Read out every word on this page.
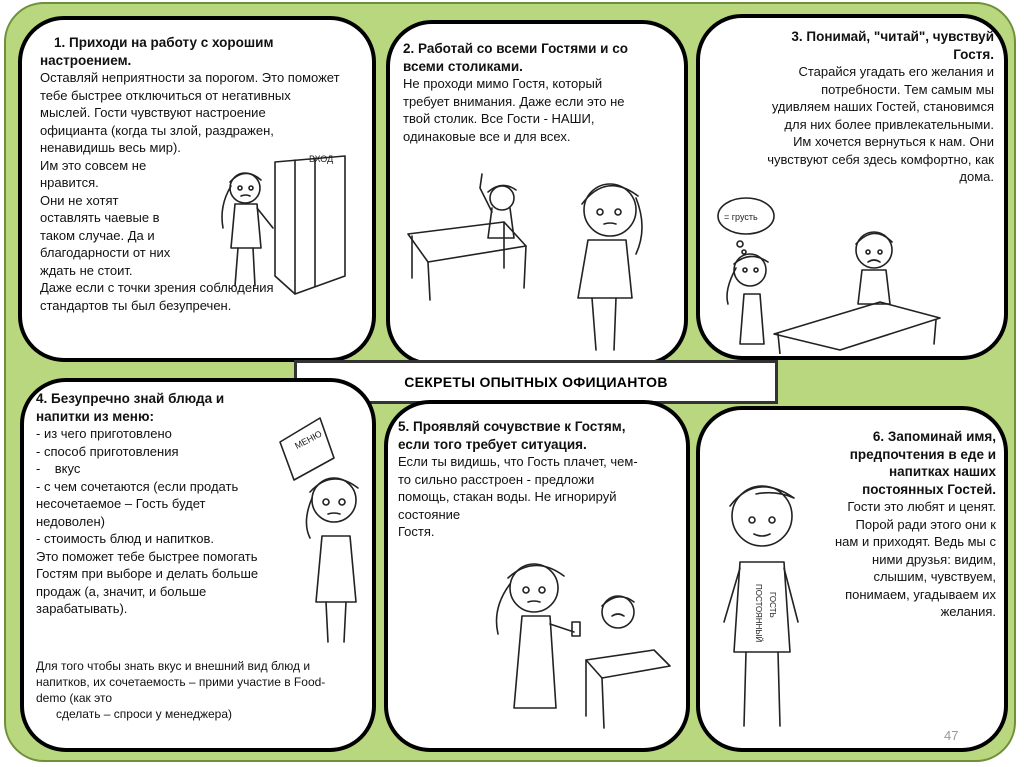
1. Приходи на работу с хорошим
настроением.
Оставляй неприятности за порогом. Это поможет
тебе быстрее отключиться от негативных
мыслей. Гости чувствуют настроение
официанта (когда ты злой, раздражен,
ненавидишь весь мир).
Им это совсем не
нравится.
Они не хотят
оставлять чаевые в
таком случае. Да и
благодарности от них
ждать не стоит.
Даже если с точки зрения соблюдения
стандартов ты был безупречен.
ВХОД
2. Работай со всеми Гостями и со
всеми столиками.
Не проходи мимо Гостя, который
требует внимания. Даже если это не
твой столик. Все Гости - НАШИ,
одинаковые все и для всех.
3. Понимай, "читай", чувствуй
Гостя.
Старайся угадать его желания и
потребности. Тем самым мы
удивляем наших Гостей, становимся
для них более привлекательными.
Им хочется вернуться к нам. Они
чувствуют себя здесь комфортно, как
дома.
= грусть
СЕКРЕТЫ ОПЫТНЫХ ОФИЦИАНТОВ
4. Безупречно знай блюда и
напитки из меню:
- из чего приготовлено
- способ приготовления
-    вкус
- с чем сочетаются (если продать
несочетаемое – Гость будет
недоволен)
- стоимость блюд и напитков.
Это поможет тебе быстрее помогать
Гостям при выборе и делать больше
продаж (а, значит, и больше
зарабатывать).
Для того чтобы знать вкус и внешний вид блюд и
напитков, их сочетаемость – прими участие в Food-
demo (как это
сделать – спроси у менеджера)
МЕНЮ
5. Проявляй сочувствие к Гостям,
если того требует ситуация.
Если ты видишь, что Гость плачет, чем-
то сильно расстроен - предложи
помощь, стакан воды. Не игнорируй
состояние
Гостя.
6. Запоминай имя,
предпочтения в еде и
напитках наших
постоянных Гостей.
Гости это любят и ценят.
Порой ради этого они к
нам и приходят. Ведь мы с
ними друзья: видим,
слышим, чувствуем,
понимаем, угадываем их
желания.
ПОСТОЯННЫЙ ГОСТЬ
47
